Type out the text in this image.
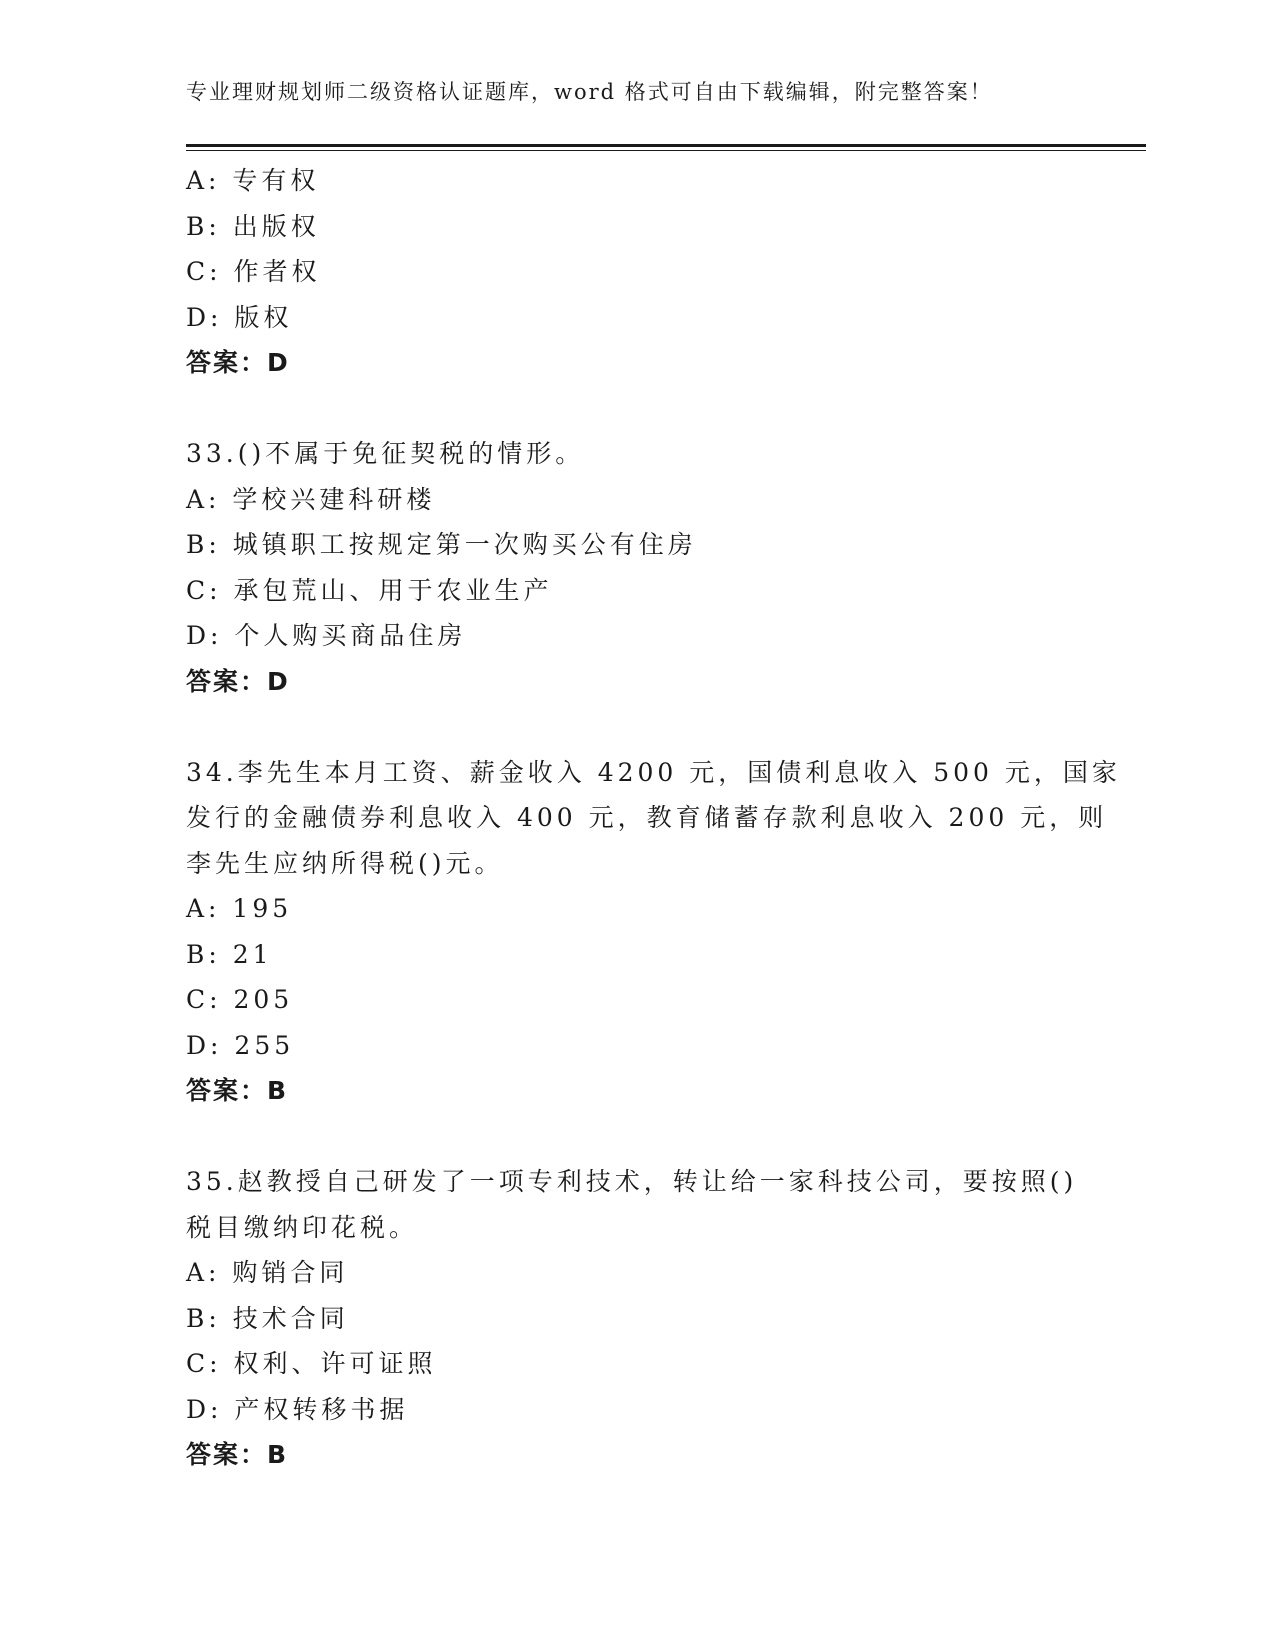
专业理财规划师二级资格认证题库，word 格式可自由下载编辑，附完整答案！
A: 专有权
B: 出版权
C: 作者权
D: 版权
答案：D
33.()不属于免征契税的情形。
A: 学校兴建科研楼
B: 城镇职工按规定第一次购买公有住房
C: 承包荒山、用于农业生产
D: 个人购买商品住房
答案：D
34.李先生本月工资、薪金收入 4200 元，国债利息收入 500 元，国家
发行的金融债券利息收入 400 元，教育储蓄存款利息收入 200 元，则
李先生应纳所得税()元。
A: 195
B: 21
C: 205
D: 255
答案：B
35.赵教授自己研发了一项专利技术，转让给一家科技公司，要按照()
税目缴纳印花税。
A: 购销合同
B: 技术合同
C: 权利、许可证照
D: 产权转移书据
答案：B
